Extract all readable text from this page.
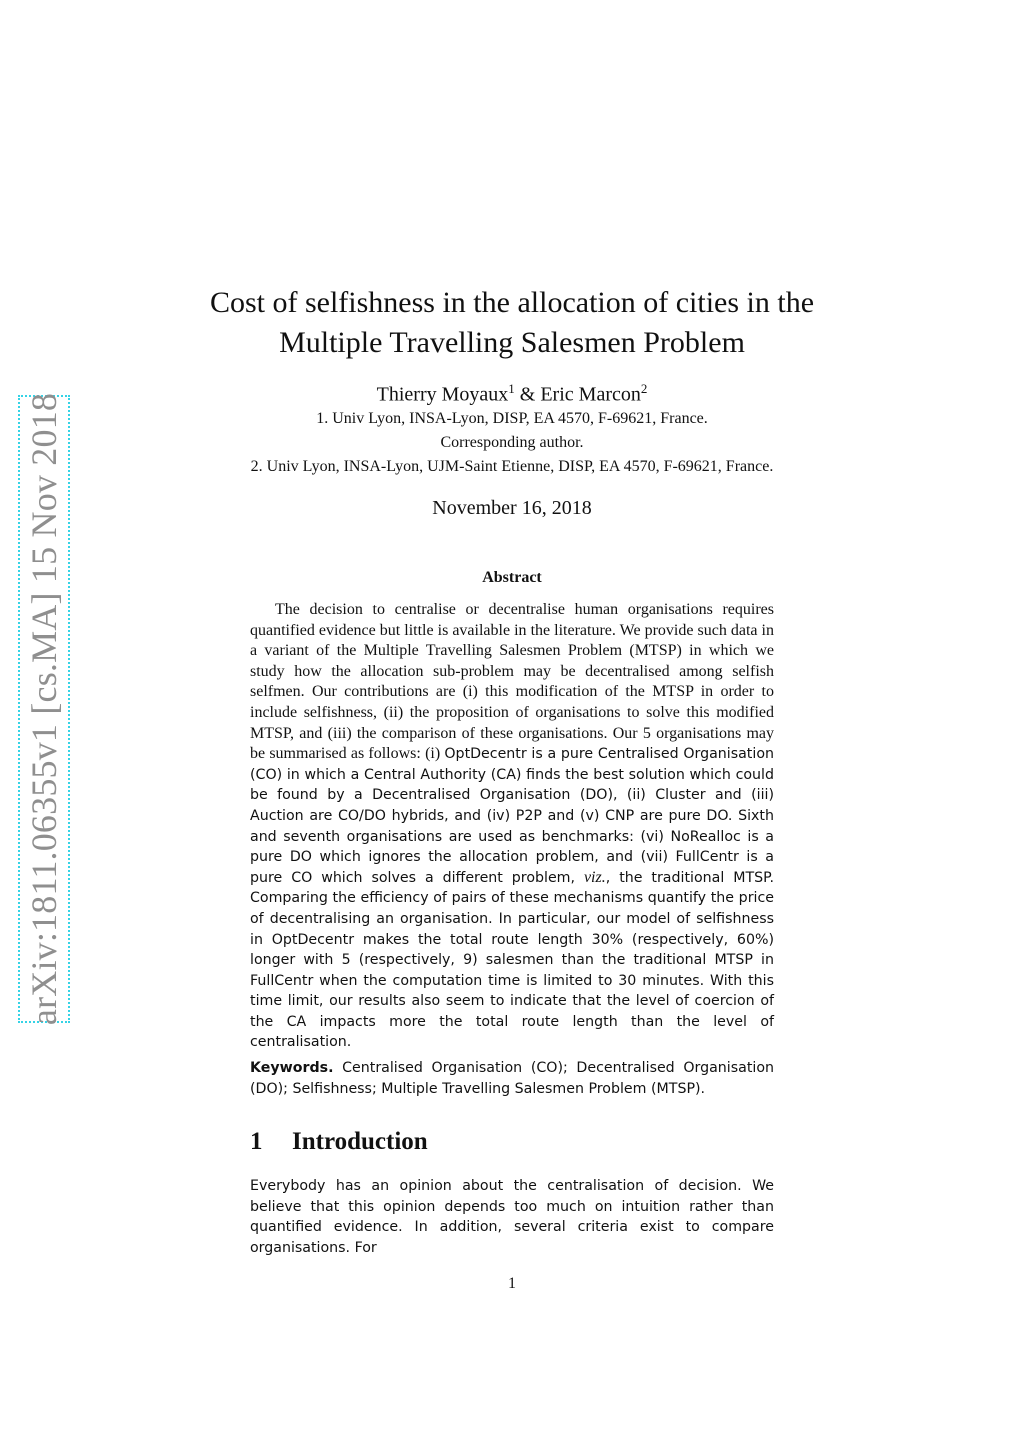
arXiv:1811.06355v1 [cs.MA] 15 Nov 2018
Cost of selfishness in the allocation of cities in the
Multiple Travelling Salesmen Problem
Thierry Moyaux$^1$ & Eric Marcon$^2$
1. Univ Lyon, INSA-Lyon, DISP, EA 4570, F-69621, France.
Corresponding author.
2. Univ Lyon, INSA-Lyon, UJM-Saint Etienne, DISP, EA 4570, F-69621, France.
November 16, 2018
Abstract

The decision to centralise or decentralise human organisations requires quantified evidence but little is available in the literature. We provide such data in a variant of the Multiple Travelling Salesmen Problem (MTSP) in which we study how the allocation sub-problem may be decentralised among selfish selfmen. Our contributions are (i) this modification of the MTSP in order to include selfishness, (ii) the proposition of organisations to solve this modified MTSP, and (iii) the comparison of these organisations. Our 5 organisations may be summarised as follows: (i) OptDecentr is a pure Centralised Organisation (CO) in which a Central Authority (CA) finds the best solution which could be found by a Decentralised Organisation (DO), (ii) Cluster and (iii) Auction are CO/DO hybrids, and (iv) P2P and (v) CNP are pure DO. Sixth and seventh organisations are used as benchmarks: (vi) NoRealloc is a pure DO which ignores the allocation problem, and (vii) FullCentr is a pure CO which solves a different problem, viz., the traditional MTSP. Comparing the efficiency of pairs of these mechanisms quantify the price of decentralising an organisation. In particular, our model of selfishness in OptDecentr makes the total route length 30% (respectively, 60%) longer with 5 (respectively, 9) salesmen than the traditional MTSP in FullCentr when the computation time is limited to 30 minutes. With this time limit, our results also seem to indicate that the level of coercion of the CA impacts more the total route length than the level of centralisation.

Keywords. Centralised Organisation (CO); Decentralised Organisation (DO); Selfishness; Multiple Travelling Salesmen Problem (MTSP).
1 Introduction

Everybody has an opinion about the centralisation of decision. We believe that this opinion depends too much on intuition rather than quantified evidence. In addition, several criteria exist to compare organisations. For

1
